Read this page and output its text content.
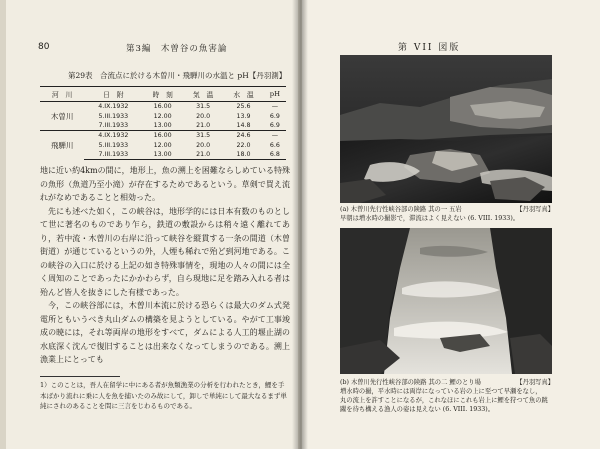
80	第3編　木曽谷の魚害論
第29表　合流点に於ける木曽川・飛騨川の水温と pH【丹羽測】
河　川	日　附	時　刻	気　温	水　温	pH
木曽川	4.IX.1932	16.00	31.5	25.6	—
	5.III.1933	12.00	20.0	13.9	6.9
	7.III.1933	13.00	21.0	14.8	6.9
飛騨川	4.IX.1932	16.00	31.5	24.6	—
	5.III.1933	12.00	20.0	22.0	6.6
	7.III.1933	13.00	21.0	18.0	6.8

地に近い約4kmの間に，地形上，魚の溯上を困難ならしめている特殊の魚形（魚道乃至小滝）が存在するためであるという。草剣で買え流れがなめであることと相効った。

先にも述べた如く，この峡谷は，地形学的には日本有数のものとして世に著名のものであり乍ら，鉄道の敷設からは稍々遠く離れてあり，若中流・木曽川の右岸に沿って峡谷を縦貫する一条の間道（木曽街道）が通じているというの外，人煙も稀れで殆ど到河地である。この峡谷の入口に於ける上記の如き特殊事情を，現地の人々の間には全く周知のことであったにかかわらず，自ら現地に足を踏み入れる者は殆んど皆人を抜きにした有様であった。

今，この峡谷部には，木曽川本流に於ける恐らくは最大のダム式発電所ともいうべき丸山ダムの構築を見ようとしている。やがて工事竣成の暁には，それ等両岸の地形をすべて，ダムによる人工的堰止湖の水底深く沈んで復旧することは出来なくなってしまうのである。溯上漁業上にとっても

1）このことは，吾人在留学に中にある者が魚類漁業の分析を行われたとき，鯉を手本ばかり流れに乗に人を魚を捕いたのみ故にして，卸しで単純にして最大なるまず単純にされのあることを問に三言をじわるものである。
第 VII 図版
(a) 木曽川先行性峡谷部の険路 其の一 五岩	【丹羽写真】
早朝は増水時の撮影で，滞流はよく見えない (6. VIII. 1933)。
(b) 木曽川先行性峡谷部の険路 其の二 鯉のとり場	【丹羽写真】
増水時の撮，平水時には両岸になっている岩の上に至つて早瀬をなし，
丸の流上を許すことになるが，これなほにこれも岩上に鯉を狩つて魚の跳躍を待ち構える漁人の姿は見えない (6. VIII. 1933)。
